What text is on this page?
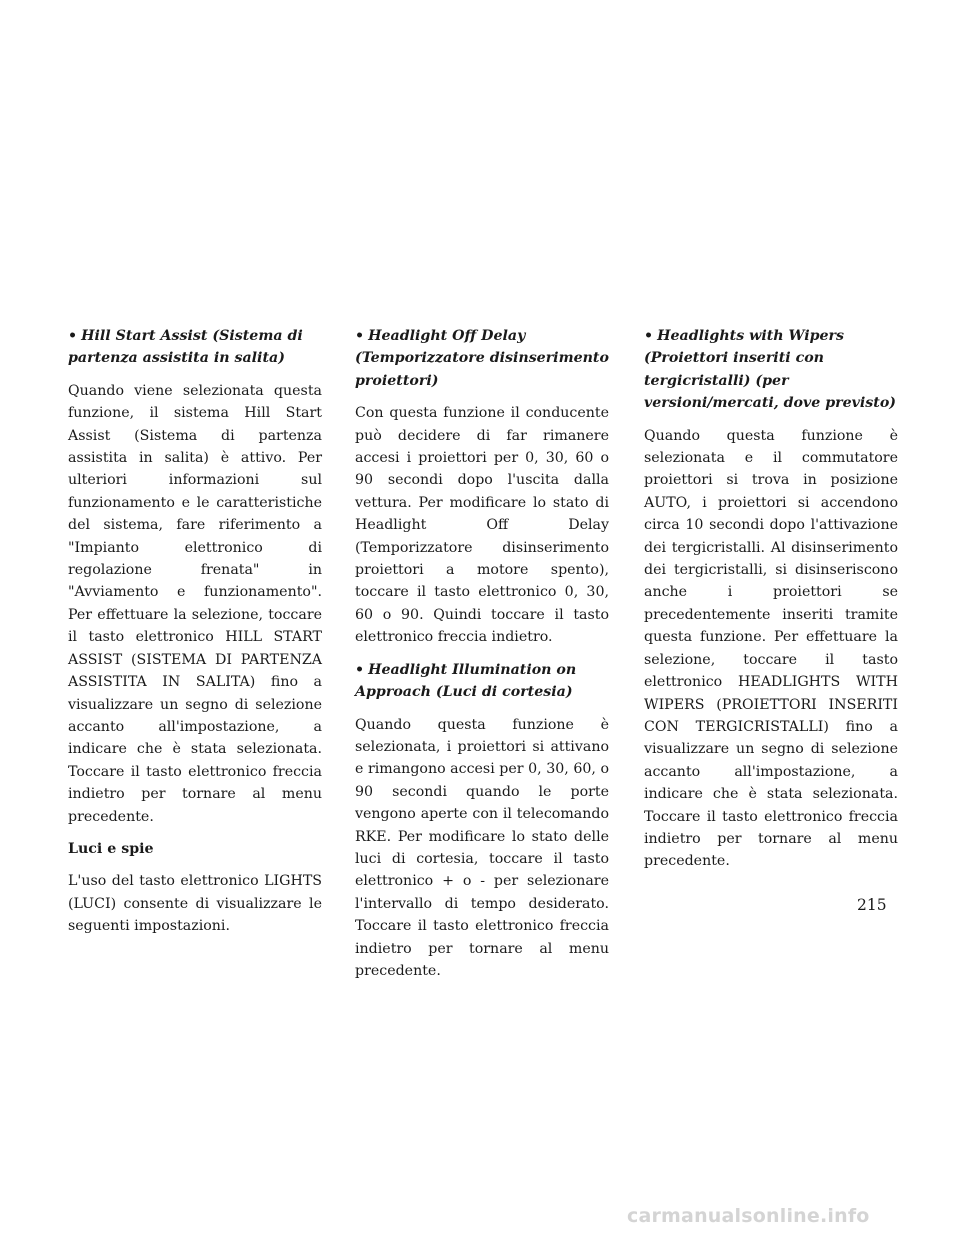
• Hill Start Assist (Sistema di partenza assistita in salita)

Quando viene selezionata questa funzione, il sistema Hill Start Assist (Sistema di partenza assistita in salita) è attivo. Per ulteriori informazioni sul funzionamento e le caratteristiche del sistema, fare riferimento a "Impianto elettronico di regolazione frenata" in "Avviamento e funzionamento". Per effettuare la selezione, toccare il tasto elettronico HILL START ASSIST (SISTEMA DI PARTENZA ASSISTITA IN SALITA) fino a visualizzare un segno di selezione accanto all'impostazione, a indicare che è stata selezionata. Toccare il tasto elettronico freccia indietro per tornare al menu precedente.

Luci e spie

L'uso del tasto elettronico LIGHTS (LUCI) consente di visualizzare le seguenti impostazioni.

• Headlight Off Delay (Temporizzatore disinserimento proiettori)

Con questa funzione il conducente può decidere di far rimanere accesi i proiettori per 0, 30, 60 o 90 secondi dopo l'uscita dalla vettura. Per modificare lo stato di Headlight Off Delay (Temporizzatore disinserimento proiettori a motore spento), toccare il tasto elettronico 0, 30, 60 o 90. Quindi toccare il tasto elettronico freccia indietro.

• Headlight Illumination on Approach (Luci di cortesia)

Quando questa funzione è selezionata, i proiettori si attivano e rimangono accesi per 0, 30, 60, o 90 secondi quando le porte vengono aperte con il telecomando RKE. Per modificare lo stato delle luci di cortesia, toccare il tasto elettronico + o - per selezionare l'intervallo di tempo desiderato. Toccare il tasto elettronico freccia indietro per tornare al menu precedente.

• Headlights with Wipers (Proiettori inseriti con tergicristalli) (per versioni/mercati, dove previsto)

Quando questa funzione è selezionata e il commutatore proiettori si trova in posizione AUTO, i proiettori si accendono circa 10 secondi dopo l'attivazione dei tergicristalli. Al disinserimento dei tergicristalli, si disinseriscono anche i proiettori se precedentemente inseriti tramite questa funzione. Per effettuare la selezione, toccare il tasto elettronico HEADLIGHTS WITH WIPERS (PROIETTORI INSERITI CON TERGICRISTALLI) fino a visualizzare un segno di selezione accanto all'impostazione, a indicare che è stata selezionata. Toccare il tasto elettronico freccia indietro per tornare al menu precedente.

215
carmanualsonline.info
